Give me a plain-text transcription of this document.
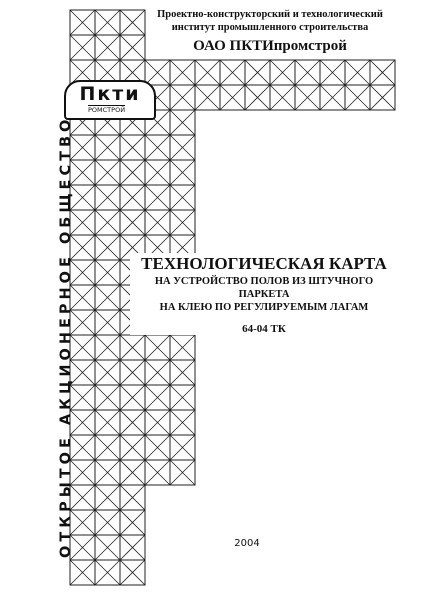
Проектно-конструкторский и технологический
институт промышленного строительства
ОАО ПКТИпромстрой
Пкти
РОМСТРОЙ
ОТКРЫТОЕ АКЦИОНЕРНОЕ ОБЩЕСТВО	ТЕХНОЛОГИЧЕСКАЯ КАРТА
НА УСТРОЙСТВО ПОЛОВ ИЗ ШТУЧНОГО ПАРКЕТА
НА КЛЕЮ ПО РЕГУЛИРУЕМЫМ ЛАГАМ
64-04 ТК
2004
